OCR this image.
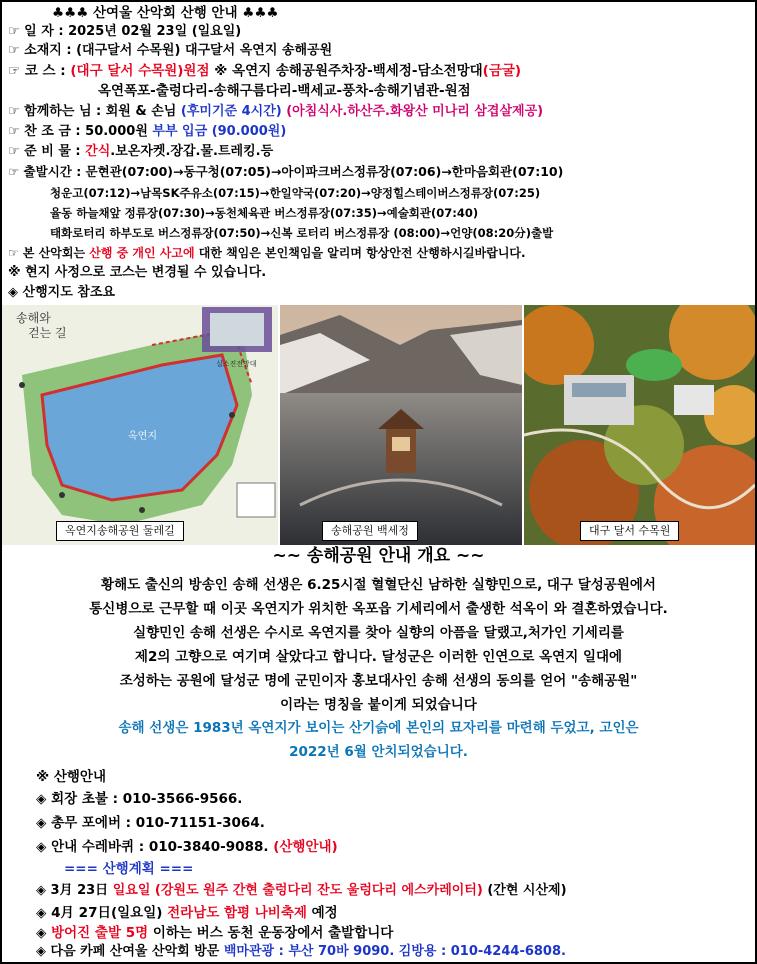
♣♣♣ 산여울 산악회 산행 안내 ♣♣♣
☞ 일 자 : 2025년 02월 23일 (일요일)
☞ 소재지 : (대구달서 수목원) 대구달서 옥연지 송해공원
☞ 코 스 : (대구 달서 수목원)원점 ※ 옥연지 송해공원주차장-백세정-담소전망대(금굴)
옥연폭포-출렁다리-송해구름다리-백세교-풍차-송해기념관-원점
☞ 함께하는 님 : 회원 & 손님 (후미기준 4시간) (아침식사.하산주.화왕산 미나리 삼겹살제공)
☞ 찬 조 금 : 50.000원 부부 입금 (90.000원)
☞ 준 비 물 : 간식.보온자켓.장갑.물.트레킹.등
☞ 출발시간 : 문현관(07:00)→동구청(07:05)→아이파크버스정류장(07:06)→한마음회관(07:10)
청운고(07:12)→남목SK주유소(07:15)→한일약국(07:20)→양정힐스테이버스정류장(07:25)
율동 하늘채앞 정류장(07:30)→동천체육관 버스정류장(07:35)→예술회관(07:40)
태화로터리 하부도로 버스정류장(07:50)→신복 로터리 버스정류장 (08:00)→언양(08:20分)출발
☞ 본 산악회는 산행 중 개인 사고에 대한 책임은 본인책임을 알리며 항상안전 산행하시길바랍니다.
※ 현지 사정으로 코스는 변경될 수 있습니다.
◈ 산행지도 참조요
송해와
걷는 길
옥연지
실소진전망대
옥연지송해공원 둘레길	송해공원 백세정	대구 달서 수목원
~~ 송해공원 안내 개요 ~~
황해도 출신의 방송인 송해 선생은 6.25시절 혈혈단신 남하한 실향민으로, 대구 달성공원에서
통신병으로 근무할 때 이곳 옥연지가 위치한 옥포읍 기세리에서 출생한 석옥이 와 결혼하였습니다.
실향민인 송해 선생은 수시로 옥연지를 찾아 실향의 아픔을 달랬고,처가인 기세리를
제2의 고향으로 여기며 살았다고 합니다. 달성군은 이러한 인연으로 옥연지 일대에
조성하는 공원에 달성군 명에 군민이자 홍보대사인 송해 선생의 동의를 얻어 "송해공원"
이라는 명칭을 붙이게 되었습니다
송해 선생은 1983년 옥연지가 보이는 산기슭에 본인의 묘자리를 마련해 두었고, 고인은
2022년 6월 안치되었습니다.
※ 산행안내
◈ 회장 초불 : 010-3566-9566.
◈ 총무 포에버 : 010-71151-3064.
◈ 안내 수레바퀴 : 010-3840-9088. (산행안내)
=== 산행계획 ===
◈ 3月 23日 일요일 (강원도 원주 간현 출렁다리 잔도 울렁다리 에스카레이터) (간현 시산제)
◈ 4月 27日(일요일) 전라남도 함평 나비축제 예정
◈ 방어진 출발 5명 이하는 버스 동천 운동장에서 출발합니다
◈ 다음 카페 산여울 산악회 방문 백마관광 : 부산 70바 9090. 김방용 : 010-4244-6808.
